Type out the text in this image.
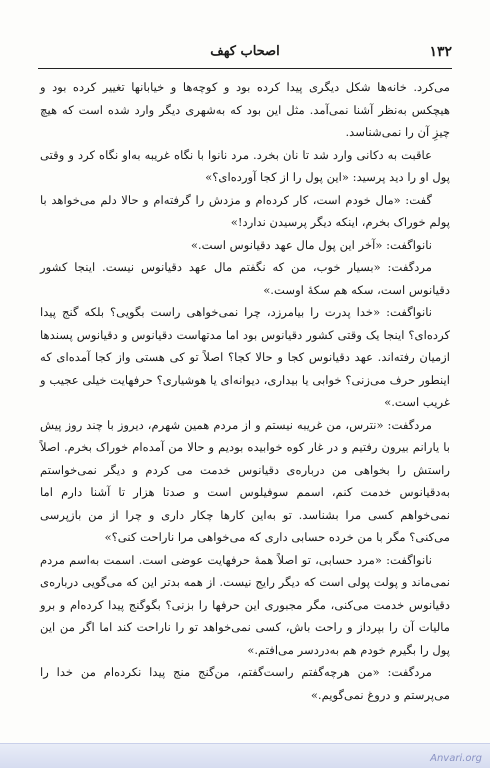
۱۳۲
اصحاب کهف

می‌کرد. خانه‌ها شکل دیگری پیدا کرده بود و کوچه‌ها و خیابانها تغییر کرده بود و هیچکس به‌نظر آشنا نمی‌آمد. مثل این بود که به‌شهری دیگر وارد شده است که هیچ چیزِ آن را نمی‌شناسد.

عاقبت به دکانی وارد شد تا نان بخرد. مرد نانوا با نگاه غریبه به‌او نگاه کرد و وقتی پول او را دید پرسید: «این پول را از کجا آورده‌ای؟»

گفت: «مال خودم است، کار کرده‌ام و مزدش را گرفته‌ام و حالا دلم می‌خواهد با پولم خوراک بخرم، اینکه دیگر پرسیدن ندارد!»

نانواگفت: «آخر این پول مال عهد دقیانوس است.»

مردگفت: «بسیار خوب، من که نگفتم مال عهد دقیانوس نیست. اینجا کشور دقیانوس است، سکه هم سکهٔ اوست.»

نانواگفت: «خدا پدرت را بیامرزد، چرا نمی‌خواهی راست بگویی؟ بلکه گنج پیدا کرده‌ای؟ اینجا یک وقتی کشور دقیانوس بود اما مدتهاست دقیانوس و دقیانوس پسندها ازمیان رفته‌اند. عهد دقیانوس کجا و حالا کجا؟ اصلاً تو کی هستی واز کجا آمده‌ای که اینطور حرف می‌زنی؟ خوابی یا بیداری، دیوانه‌ای یا هوشیاری؟ حرفهایت خیلی عجیب و غریب است.»

مردگفت: «نترس، من غریبه نیستم و از مردم همین شهرم، دیروز با چند روز پیش با یارانم بیرون رفتیم و در غار کوه خوابیده بودیم و حالا من آمده‌ام خوراک بخرم. اصلاً راستش را بخواهی من درباره‌ی دقیانوس خدمت می کردم و دیگر نمی‌خواستم به‌دقیانوس خدمت کنم، اسمم سوفیلوس است و صدتا هزار تا آشنا دارم اما نمی‌خواهم کسی مرا بشناسد. تو به‌این کارها چکار داری و چرا از من بازپرسی می‌کنی؟ مگر با من خرده حسابی داری که می‌خواهی مرا ناراحت کنی؟»

نانواگفت: «مرد حسابی، تو اصلاً همهٔ حرفهایت عوضی است. اسمت به‌اسم مردم نمی‌ماند و پولت پولی است که دیگر رایج نیست. از همه بدتر این که می‌گویی درباره‌ی دقیانوس خدمت می‌کنی، مگر مجبوری این حرفها را بزنی؟ بگوگنج پیدا کرده‌ام و برو مالیات آن را بپرداز و راحت باش، کسی نمی‌خواهد تو را ناراحت کند اما اگر من این پول را بگیرم خودم هم به‌دردسر می‌افتم.»

مردگفت: «من هرچه‌گفتم راست‌گفتم، من‌گنج منج پیدا نکرده‌ام من خدا را می‌پرستم و دروغ نمی‌گویم.»

Anvari.org
